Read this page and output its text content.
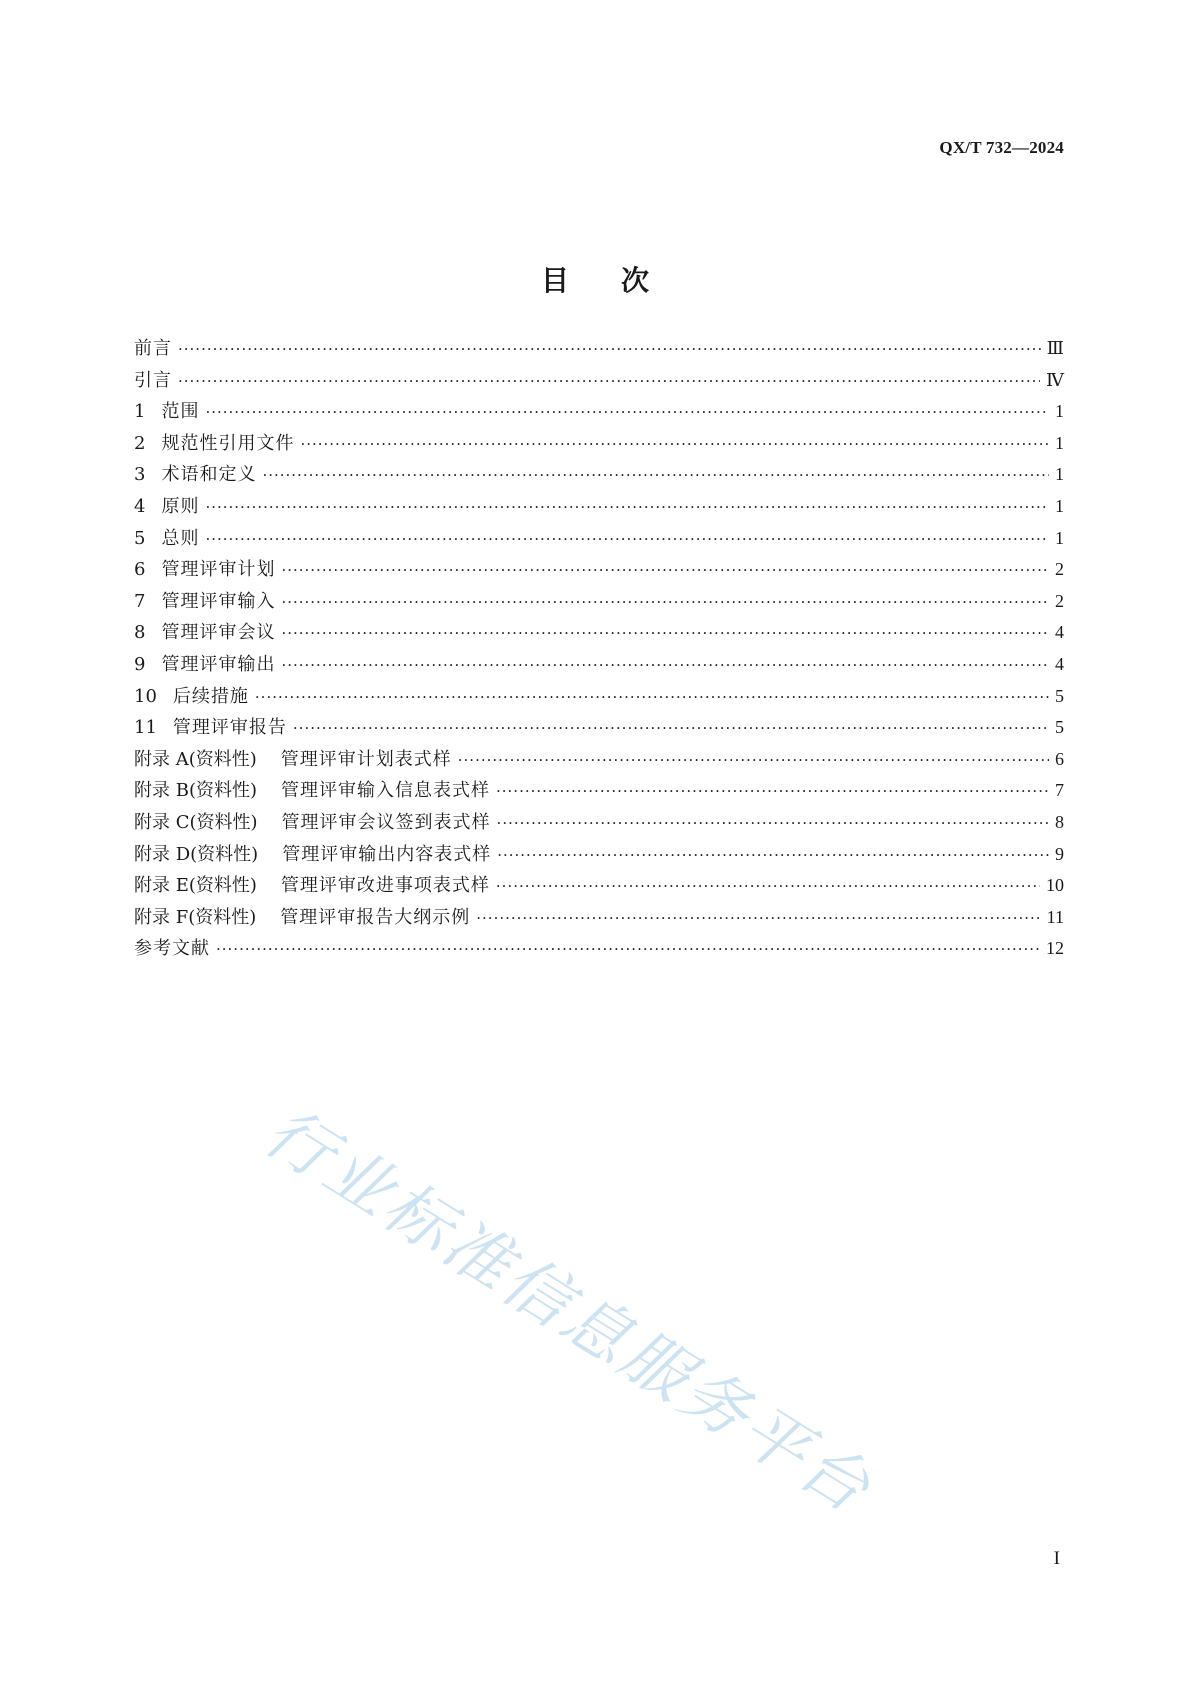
QX/T 732—2024
目次
前言 ·····	Ⅲ
引言 ·····	Ⅳ
1 范围 ·····	1
2 规范性引用文件 ·····	1
3 术语和定义 ·····	1
4 原则 ·····	1
5 总则 ·····	1
6 管理评审计划 ·····	2
7 管理评审输入 ·····	2
8 管理评审会议 ·····	4
9 管理评审输出 ·····	4
10 后续措施 ·····	5
11 管理评审报告 ·····	5
附录 A(资料性) 管理评审计划表式样 ·····	6
附录 B(资料性) 管理评审输入信息表式样 ·····	7
附录 C(资料性) 管理评审会议签到表式样 ·····	8
附录 D(资料性) 管理评审输出内容表式样 ·····	9
附录 E(资料性) 管理评审改进事项表式样 ·····	10
附录 F(资料性) 管理评审报告大纲示例 ·····	11
参考文献 ·····	12
行业标准信息服务平台
I
